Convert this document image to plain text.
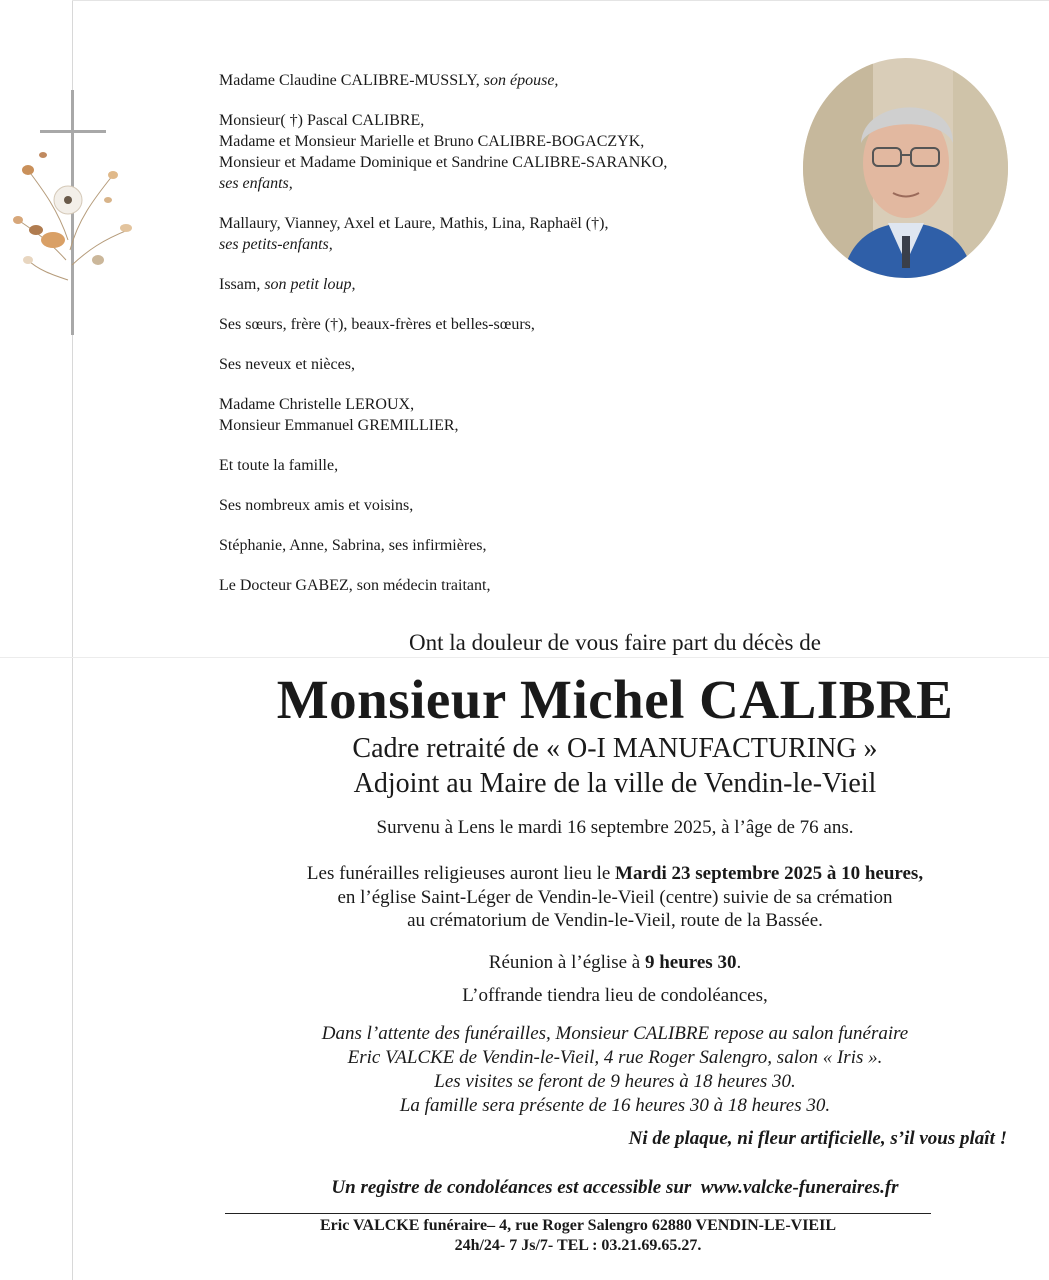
Madame Claudine CALIBRE-MUSSLY, son épouse,
Monsieur( †) Pascal CALIBRE,
Madame et Monsieur Marielle et Bruno CALIBRE-BOGACZYK,
Monsieur et Madame Dominique et Sandrine CALIBRE-SARANKO,
ses enfants,
Mallaury, Vianney, Axel et Laure, Mathis, Lina, Raphaël (†),
ses petits-enfants,
Issam, son petit loup,
Ses sœurs, frère (†), beaux-frères et belles-sœurs,
Ses neveux et nièces,
Madame Christelle LEROUX,
Monsieur Emmanuel GREMILLIER,
Et toute la famille,
Ses nombreux amis et voisins,
Stéphanie, Anne, Sabrina, ses infirmières,
Le Docteur GABEZ, son médecin traitant,
Ont la douleur de vous faire part du décès de
Monsieur Michel CALIBRE
Cadre retraité de « O-I MANUFACTURING »
Adjoint au Maire de la ville de Vendin-le-Vieil
Survenu à Lens le mardi 16 septembre 2025, à l’âge de 76 ans.
Les funérailles religieuses auront lieu le Mardi 23 septembre 2025 à 10 heures,
en l’église Saint-Léger de Vendin-le-Vieil (centre) suivie de sa crémation
au crématorium de Vendin-le-Vieil, route de la Bassée.
Réunion à l’église à 9 heures 30.
L’offrande tiendra lieu de condoléances,
Dans l’attente des funérailles, Monsieur CALIBRE repose au salon funéraire
Eric VALCKE de Vendin-le-Vieil, 4 rue Roger Salengro, salon « Iris ».
Les visites se feront de 9 heures à 18 heures 30.
La famille sera présente de 16 heures 30 à 18 heures 30.
Ni de plaque, ni fleur artificielle, s’il vous plaît !
Un registre de condoléances est accessible sur www.valcke-funeraires.fr
Eric VALCKE funéraire– 4, rue Roger Salengro 62880 VENDIN-LE-VIEIL
24h/24- 7 Js/7- TEL : 03.21.69.65.27.
